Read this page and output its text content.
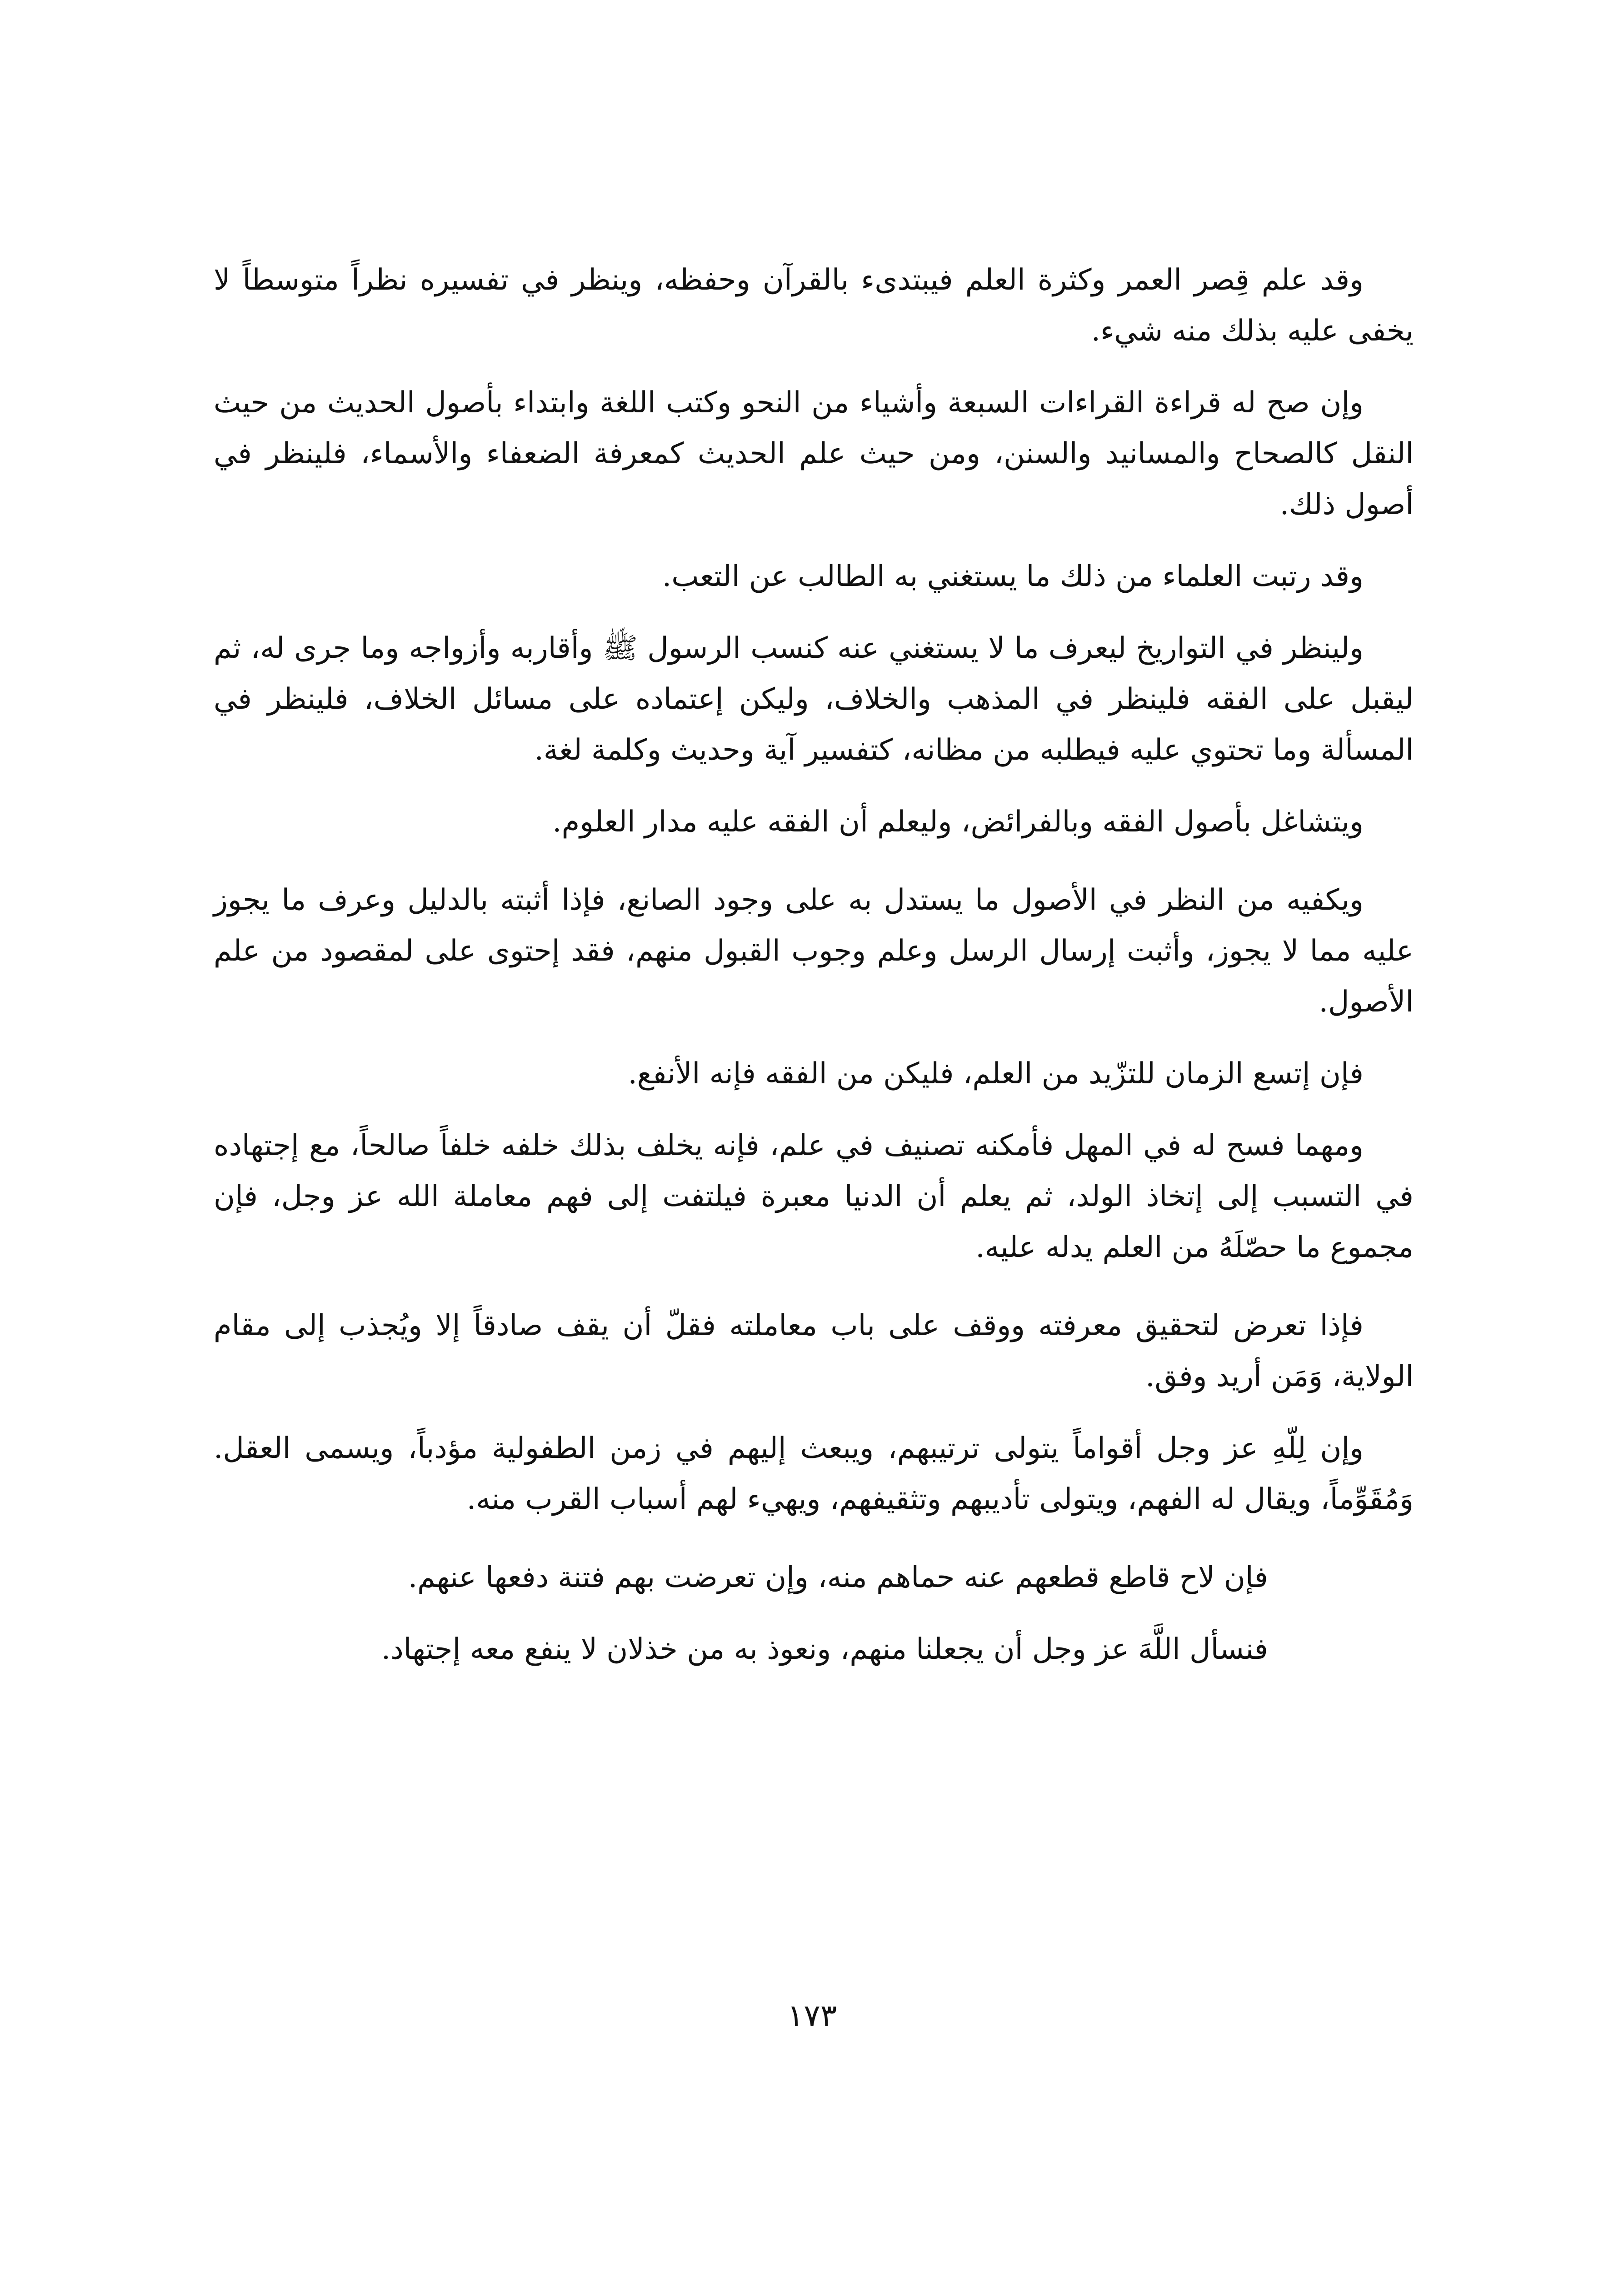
وقد علم قِصر العمر وكثرة العلم فيبتدىء بالقرآن وحفظه، وينظر في تفسيره نظراً متوسطاً لا يخفى عليه بذلك منه شيء.

وإن صح له قراءة القراءات السبعة وأشياء من النحو وكتب اللغة وابتداء بأصول الحديث من حيث النقل كالصحاح والمسانيد والسنن، ومن حيث علم الحديث كمعرفة الضعفاء والأسماء، فلينظر في أصول ذلك.

وقد رتبت العلماء من ذلك ما يستغني به الطالب عن التعب.

ولينظر في التواريخ ليعرف ما لا يستغني عنه كنسب الرسول ﷺ وأقاربه وأزواجه وما جرى له، ثم ليقبل على الفقه فلينظر في المذهب والخلاف، وليكن إعتماده على مسائل الخلاف، فلينظر في المسألة وما تحتوي عليه فيطلبه من مظانه، كتفسير آية وحديث وكلمة لغة.

ويتشاغل بأصول الفقه وبالفرائض، وليعلم أن الفقه عليه مدار العلوم.

ويكفيه من النظر في الأصول ما يستدل به على وجود الصانع، فإذا أثبته بالدليل وعرف ما يجوز عليه مما لا يجوز، وأثبت إرسال الرسل وعلم وجوب القبول منهم، فقد إحتوى على لمقصود من علم الأصول.

فإن إتسع الزمان للتزّيد من العلم، فليكن من الفقه فإنه الأنفع.

ومهما فسح له في المهل فأمكنه تصنيف في علم، فإنه يخلف بذلك خلفه خلفاً صالحاً، مع إجتهاده في التسبب إلى إتخاذ الولد، ثم يعلم أن الدنيا معبرة فيلتفت إلى فهم معاملة الله عز وجل، فإن مجموع ما حصّلَهُ من العلم يدله عليه.

فإذا تعرض لتحقيق معرفته ووقف على باب معاملته فقلّ أن يقف صادقاً إلا ويُجذب إلى مقام الولاية، وَمَن أريد وفق.

وإن لِلّهِ عز وجل أقواماً يتولى ترتيبهم، ويبعث إليهم في زمن الطفولية مؤدباً، ويسمى العقل. وَمُقَوِّماً، ويقال له الفهم، ويتولى تأديبهم وتثقيفهم، ويهيء لهم أسباب القرب منه.

فإن لاح قاطع قطعهم عنه حماهم منه، وإن تعرضت بهم فتنة دفعها عنهم.

فنسأل اللَّهَ عز وجل أن يجعلنا منهم، ونعوذ به من خذلان لا ينفع معه إجتهاد.

١٧٣
